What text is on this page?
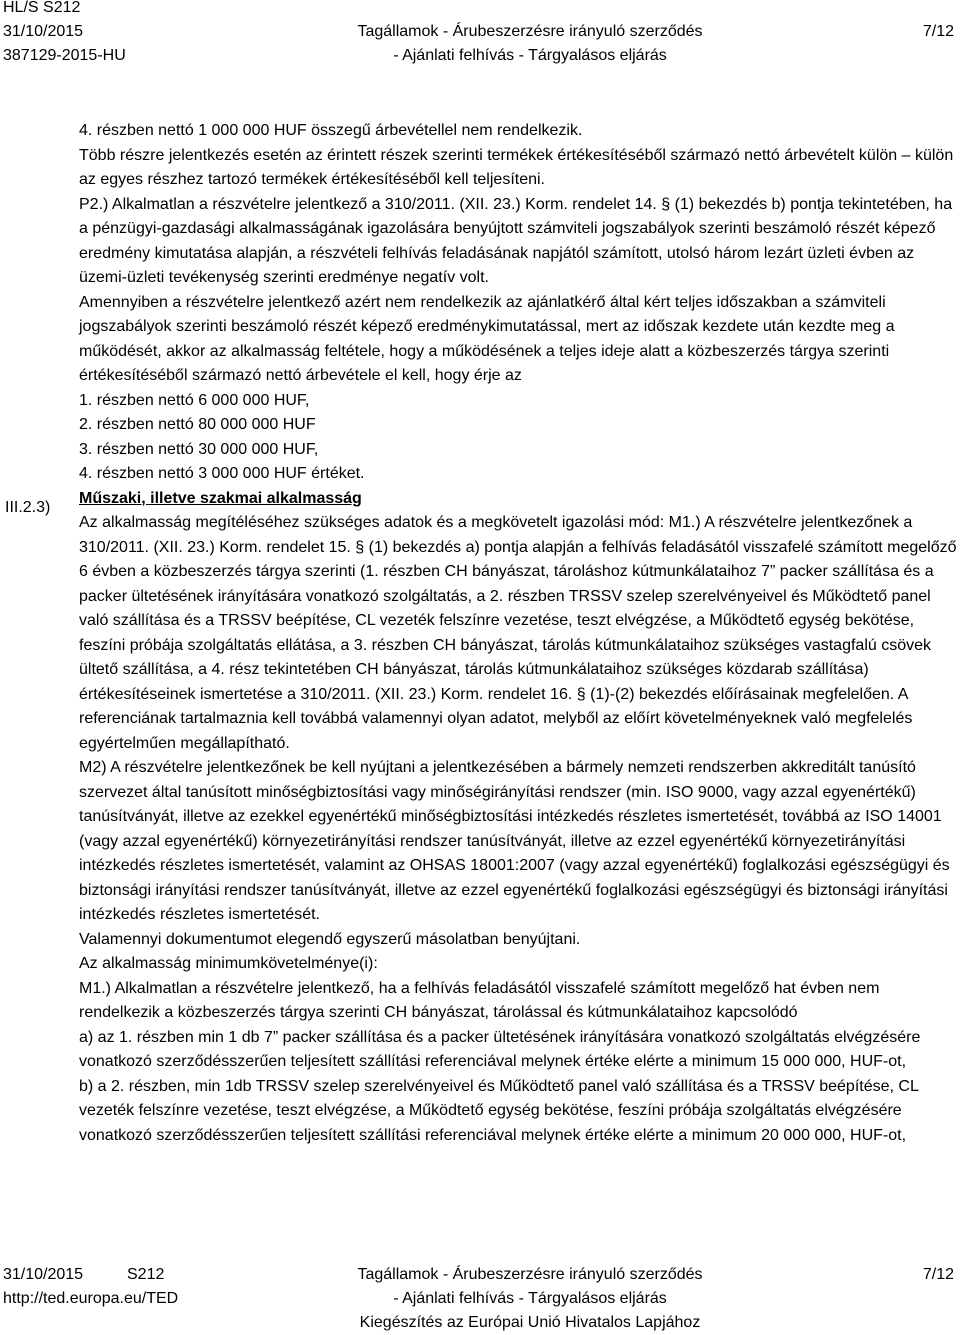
HL/S S212
31/10/2015	Tagállamok - Árubeszerzésre irányuló szerződés	7/12
387129-2015-HU	- Ajánlati felhívás - Tárgyalásos eljárás
III.2.3)

4. részben nettó 1 000 000 HUF összegű árbevétellel nem rendelkezik.

Több részre jelentkezés esetén az érintett részek szerinti termékek értékesítéséből származó nettó árbevételt külön – külön az egyes részhez tartozó termékek értékesítéséből kell teljesíteni.

P2.) Alkalmatlan a részvételre jelentkező a 310/2011. (XII. 23.) Korm. rendelet 14. § (1) bekezdés b) pontja tekintetében, ha a pénzügyi-gazdasági alkalmasságának igazolására benyújtott számviteli jogszabályok szerinti beszámoló részét képező eredmény kimutatása alapján, a részvételi felhívás feladásának napjától számított, utolsó három lezárt üzleti évben az üzemi-üzleti tevékenység szerinti eredménye negatív volt.

Amennyiben a részvételre jelentkező azért nem rendelkezik az ajánlatkérő által kért teljes időszakban a számviteli jogszabályok szerinti beszámoló részét képező eredménykimutatással, mert az időszak kezdete után kezdte meg a működését, akkor az alkalmasság feltétele, hogy a működésének a teljes ideje alatt a közbeszerzés tárgya szerinti értékesítéséből származó nettó árbevétele el kell, hogy érje az

1. részben nettó 6 000 000 HUF,

2. részben nettó 80 000 000 HUF

3. részben nettó 30 000 000 HUF,

4. részben nettó 3 000 000 HUF értéket.

Műszaki, illetve szakmai alkalmasság

Az alkalmasság megítéléséhez szükséges adatok és a megkövetelt igazolási mód: M1.) A részvételre jelentkezőnek a 310/2011. (XII. 23.) Korm. rendelet 15. § (1) bekezdés a) pontja alapján a felhívás feladásától visszafelé számított megelőző 6 évben a közbeszerzés tárgya szerinti (1. részben CH bányászat, tároláshoz kútmunkálataihoz 7” packer szállítása és a packer ültetésének irányítására vonatkozó szolgáltatás, a 2. részben TRSSV szelep szerelvényeivel és Működtető panel való szállítása és a TRSSV beépítése, CL vezeték felszínre vezetése, teszt elvégzése, a Működtető egység bekötése, feszíni próbája szolgáltatás ellátása, a 3. részben CH bányászat, tárolás kútmunkálataihoz szükséges vastagfalú csövek ültető szállítása, a 4. rész tekintetében CH bányászat, tárolás kútmunkálataihoz szükséges közdarab szállítása) értékesítéseinek ismertetése a 310/2011. (XII. 23.) Korm. rendelet 16. § (1)-(2) bekezdés előírásainak megfelelően. A referenciának tartalmaznia kell továbbá valamennyi olyan adatot, melyből az előírt követelményeknek való megfelelés egyértelműen megállapítható.

M2) A részvételre jelentkezőnek be kell nyújtani a jelentkezésében a bármely nemzeti rendszerben akkreditált tanúsító szervezet által tanúsított minőségbiztosítási vagy minőségirányítási rendszer (min. ISO 9000, vagy azzal egyenértékű) tanúsítványát, illetve az ezekkel egyenértékű minőségbiztosítási intézkedés részletes ismertetését, továbbá az ISO 14001 (vagy azzal egyenértékű) környezetirányítási rendszer tanúsítványát, illetve az ezzel egyenértékű környezetirányítási intézkedés részletes ismertetését, valamint az OHSAS 18001:2007 (vagy azzal egyenértékű) foglalkozási egészségügyi és biztonsági irányítási rendszer tanúsítványát, illetve az ezzel egyenértékű foglalkozási egészségügyi és biztonsági irányítási intézkedés részletes ismertetését.

Valamennyi dokumentumot elegendő egyszerű másolatban benyújtani.

Az alkalmasság minimumkövetelménye(i):

M1.) Alkalmatlan a részvételre jelentkező, ha a felhívás feladásától visszafelé számított megelőző hat évben nem rendelkezik a közbeszerzés tárgya szerinti CH bányászat, tárolással és kútmunkálataihoz kapcsolódó

a) az 1. részben min 1 db 7” packer szállítása és a packer ültetésének irányítására vonatkozó szolgáltatás elvégzésére vonatkozó szerződésszerűen teljesített szállítási referenciával melynek értéke elérte a minimum 15 000 000, HUF-ot,

b) a 2. részben, min 1db TRSSV szelep szerelvényeivel és Működtető panel való szállítása és a TRSSV beépítése, CL vezeték felszínre vezetése, teszt elvégzése, a Működtető egység bekötése, feszíni próbája szolgáltatás elvégzésére vonatkozó szerződésszerűen teljesített szállítási referenciával melynek értéke elérte a minimum 20 000 000, HUF-ot,

31/10/2015	S212	Tagállamok - Árubeszerzésre irányuló szerződés	7/12
http://ted.europa.eu/TED	- Ajánlati felhívás - Tárgyalásos eljárás
Kiegészítés az Európai Unió Hivatalos Lapjához
